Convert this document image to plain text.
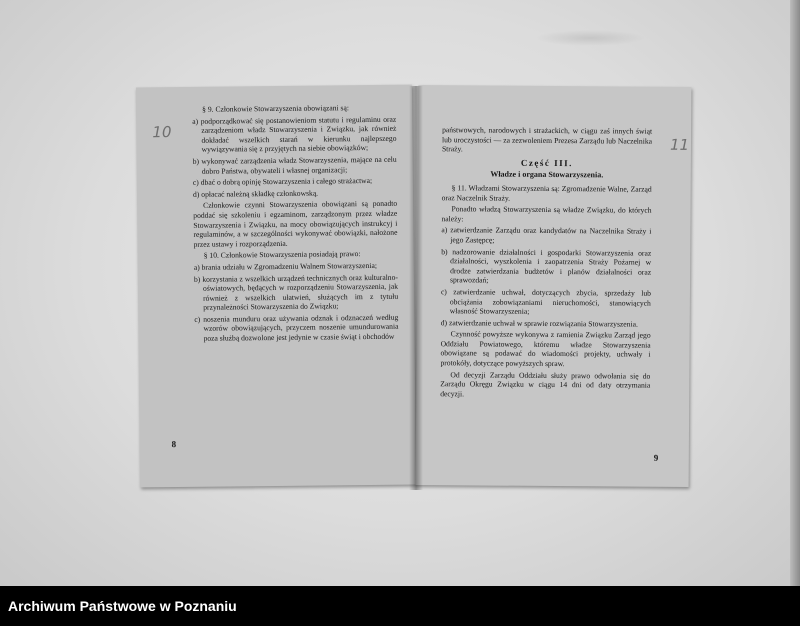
10

§ 9. Członkowie Stowarzyszenia obowiązani są:

a) podporządkować się postanowieniom statutu i regulaminu oraz zarządzeniom władz Stowarzyszenia i Związku, jak również dokładać wszelkich starań w kierunku najlepszego wywiązywania się z przyjętych na siebie obowiązków;

b) wykonywać zarządzenia władz Stowarzyszenia, mające na celu dobro Państwa, obywateli i własnej organizacji;

c) dbać o dobrą opinję Stowarzyszenia i całego strażactwa;

d) opłacać należną składkę członkowską.

Członkowie czynni Stowarzyszenia obowiązani są ponadto poddać się szkoleniu i egzaminom, zarządzonym przez władze Stowarzyszenia i Związku, na mocy obowiązujących instrukcyj i regulaminów, a w szczególności wykonywać obowiązki, nałożone przez ustawy i rozporządzenia.

§ 10. Członkowie Stowarzyszenia posiadają prawo:

a) brania udziału w Zgromadzeniu Walnem Stowarzyszenia;

b) korzystania z wszelkich urządzeń technicznych oraz kulturalno-oświatowych, będących w rozporządzeniu Stowarzyszenia, jak również z wszelkich ułatwień, służących im z tytułu przynależności Stowarzyszenia do Związku;

c) noszenia munduru oraz używania odznak i odznaczeń według wzorów obowiązujących, przyczem noszenie umundurowania poza służbą dozwolone jest jedynie w czasie świąt i obchodów

8
11

państwowych, narodowych i strażackich, w ciągu zaś innych świąt lub uroczystości — za zezwoleniem Prezesa Zarządu lub Naczelnika Straży.

Część III.
Władze i organa Stowarzyszenia.

§ 11. Władzami Stowarzyszenia są: Zgromadzenie Walne, Zarząd oraz Naczelnik Straży.

Ponadto władzą Stowarzyszenia są władze Związku, do których należy:

a) zatwierdzanie Zarządu oraz kandydatów na Naczelnika Straży i jego Zastępcę;

b) nadzorowanie działalności i gospodarki Stowarzyszenia oraz działalności, wyszkolenia i zaopatrzenia Straży Pożarnej w drodze zatwierdzania budżetów i planów działalności oraz sprawozdań;

c) zatwierdzanie uchwał, dotyczących zbycia, sprzedaży lub obciążania zobowiązaniami nieruchomości, stanowiących własność Stowarzyszenia;

d) zatwierdzanie uchwał w sprawie rozwiązania Stowarzyszenia.

Czynność powyższe wykonywa z ramienia Związku Zarząd jego Oddziału Powiatowego, któremu władze Stowarzyszenia obowiązane są podawać do wiadomości projekty, uchwały i protokóły, dotyczące powyższych spraw.

Od decyzji Zarządu Oddziału służy prawo odwołania się do Zarządu Okręgu Związku w ciągu 14 dni od daty otrzymania decyzji.

9
Archiwum Państwowe w Poznaniu
